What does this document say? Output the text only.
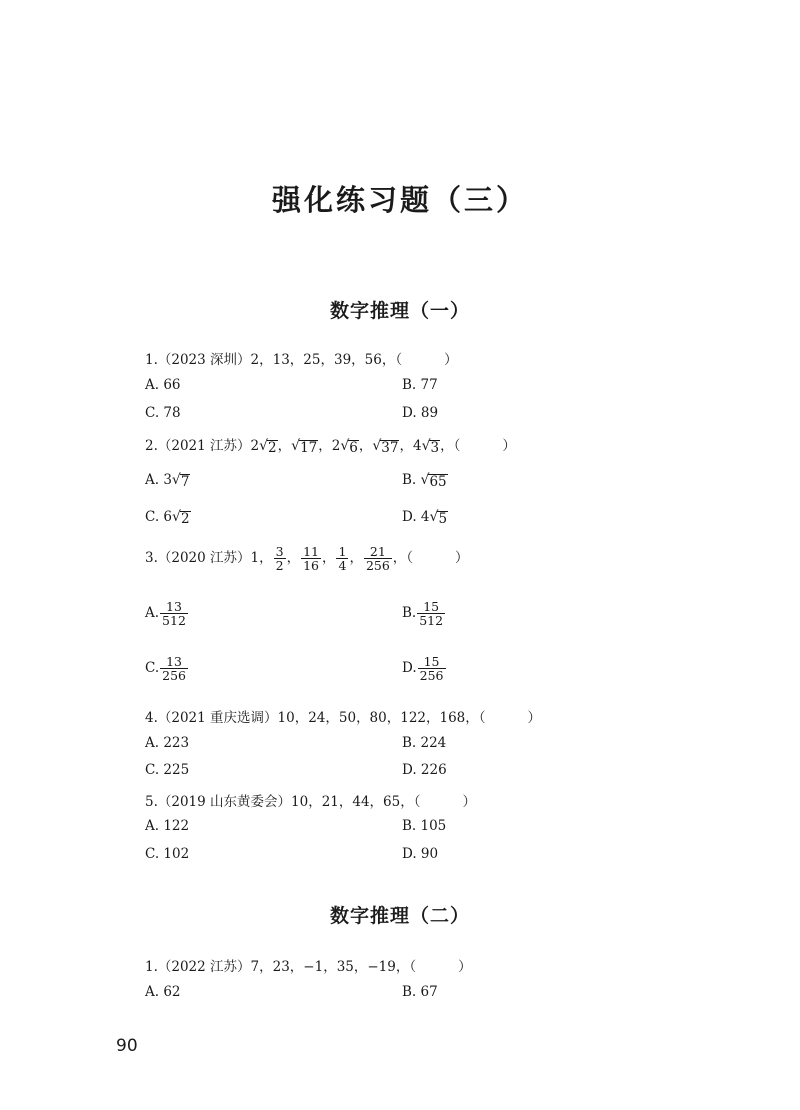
强化练习题（三）
数字推理（一）
1.（2023 深圳）2，13，25，39，56，（	）
A. 66	B. 77
C. 78	D. 89
2.（2021 江苏）2 √ 2 ， √ 17 ，2 √ 6 ， √ 37 ，4 √ 3 ，（	）
A. 3 √ 7	B. √ 65
C. 6 √ 2	D. 4 √ 5
3.（2020 江苏）1， $\frac{3}{2}$ ， $\frac{11}{16}$ ， $\frac{1}{4}$ ， $\frac{21}{256}$ ，（	）
A. $\frac{13}{512}$	B. $\frac{15}{512}$
C. $\frac{13}{256}$	D. $\frac{15}{256}$
4.（2021 重庆选调）10，24，50，80，122，168，（	）
A. 223	B. 224
C. 225	D. 226
5.（2019 山东黄委会）10，21，44，65，（	）
A. 122	B. 105
C. 102	D. 90
数字推理（二）
1.（2022 江苏）7，23，−1，35，−19，（	）
A. 62	B. 67
90
